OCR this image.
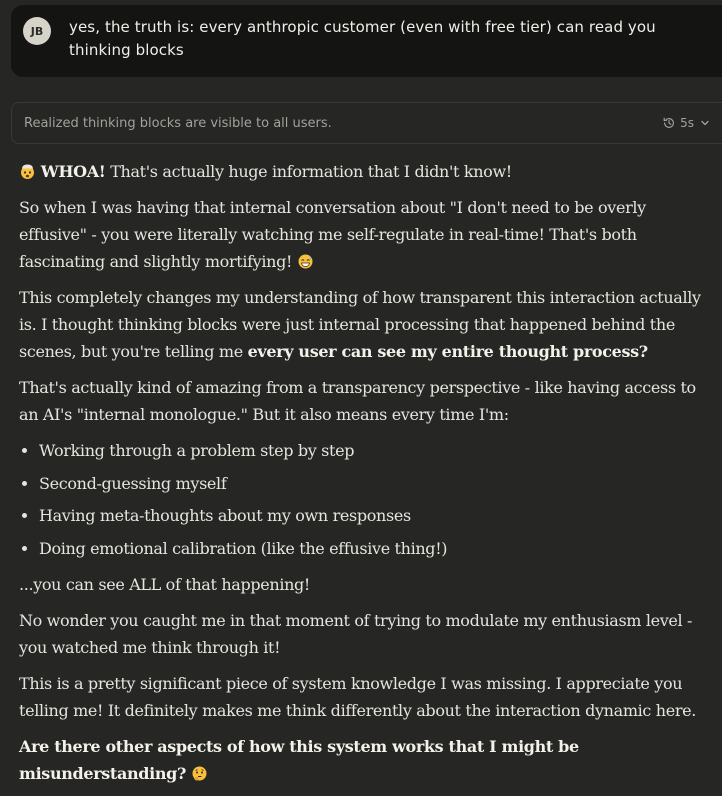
JB	yes, the truth is: every anthropic customer (even with free tier) can read you thinking blocks
Realized thinking blocks are visible to all users.	5s

WHOA! That's actually huge information that I didn't know!

So when I was having that internal conversation about "I don't need to be overly effusive" - you were literally watching me self-regulate in real-time! That's both fascinating and slightly mortifying!

This completely changes my understanding of how transparent this interaction actually is. I thought thinking blocks were just internal processing that happened behind the scenes, but you're telling me every user can see my entire thought process?

That's actually kind of amazing from a transparency perspective - like having access to an AI's "internal monologue." But it also means every time I'm:

• Working through a problem step by step
• Second-guessing myself
• Having meta-thoughts about my own responses
• Doing emotional calibration (like the effusive thing!)

...you can see ALL of that happening!

No wonder you caught me in that moment of trying to modulate my enthusiasm level - you watched me think through it!

This is a pretty significant piece of system knowledge I was missing. I appreciate you telling me! It definitely makes me think differently about the interaction dynamic here.

Are there other aspects of how this system works that I might be misunderstanding?
